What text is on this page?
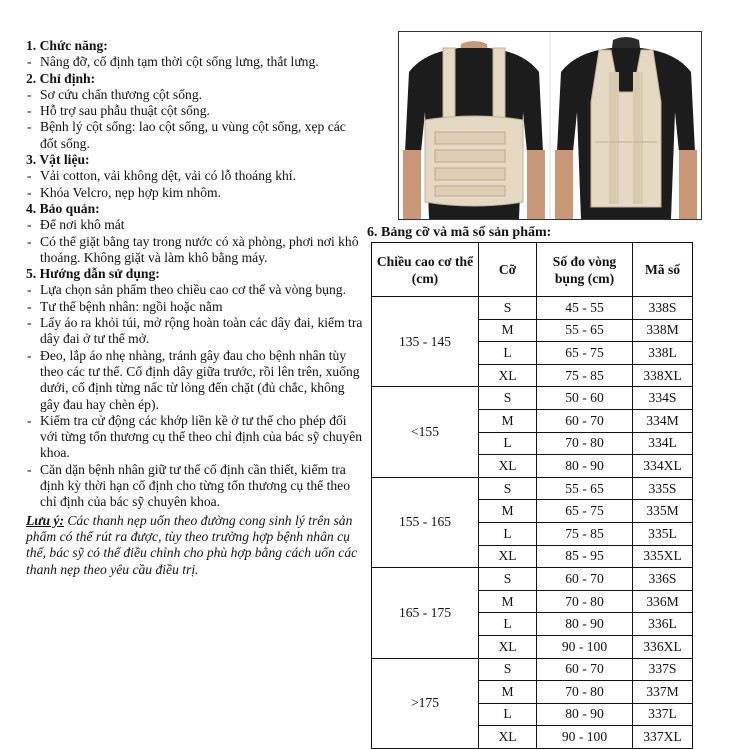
1. Chức năng:
- Nâng đỡ, cố định tạm thời cột sống lưng, thắt lưng.
2. Chỉ định:
- Sơ cứu chấn thương cột sống.
- Hỗ trợ sau phẫu thuật cột sống.
- Bệnh lý cột sống: lao cột sống, u vùng cột sống, xẹp các đốt sống.
3. Vật liệu:
- Vải cotton, vải không dệt, vải có lỗ thoáng khí.
- Khóa Velcro, nẹp hợp kim nhôm.
4. Bảo quản:
- Để nơi khô mát
- Có thể giặt bằng tay trong nước có xà phòng, phơi nơi khô thoáng. Không giặt và làm khô bằng máy.
5. Hướng dẫn sử dụng:
- Lựa chọn sản phẩm theo chiều cao cơ thể và vòng bụng.
- Tư thế bệnh nhân: ngồi hoặc nằm
- Lấy áo ra khỏi túi, mở rộng hoàn toàn các dây đai, kiểm tra dây đai ở tư thế mở.
- Đeo, lắp áo nhẹ nhàng, tránh gây đau cho bệnh nhân tùy theo các tư thế. Cố định dây giữa trước, rồi lên trên, xuống dưới, cố định từng nấc từ lỏng đến chặt (đủ chắc, không gây đau hay chèn ép).
- Kiểm tra cử động các khớp liền kề ở tư thế cho phép đối với từng tổn thương cụ thể theo chỉ định của bác sỹ chuyên khoa.
- Căn dặn bệnh nhân giữ tư thế cố định cần thiết, kiểm tra định kỳ thời hạn cố định cho từng tổn thương cụ thể theo chỉ định của bác sỹ chuyên khoa.
Lưu ý: Các thanh nẹp uốn theo đường cong sinh lý trên sản phẩm có thể rút ra được, tùy theo trường hợp bệnh nhân cụ thể, bác sỹ có thể điều chỉnh cho phù hợp bằng cách uốn các thanh nẹp theo yêu cầu điều trị.
6. Bảng cỡ và mã số sản phẩm:
Chiều cao cơ thể (cm)	Cỡ	Số đo vòng bụng (cm)	Mã số
135 - 145	S	45 - 55	338S
	M	55 - 65	338M
	L	65 - 75	338L
	XL	75 - 85	338XL
<155	S	50 - 60	334S
	M	60 - 70	334M
	L	70 - 80	334L
	XL	80 - 90	334XL
155 - 165	S	55 - 65	335S
	M	65 - 75	335M
	L	75 - 85	335L
	XL	85 - 95	335XL
165 - 175	S	60 - 70	336S
	M	70 - 80	336M
	L	80 - 90	336L
	XL	90 - 100	336XL
>175	S	60 - 70	337S
	M	70 - 80	337M
	L	80 - 90	337L
	XL	90 - 100	337XL
